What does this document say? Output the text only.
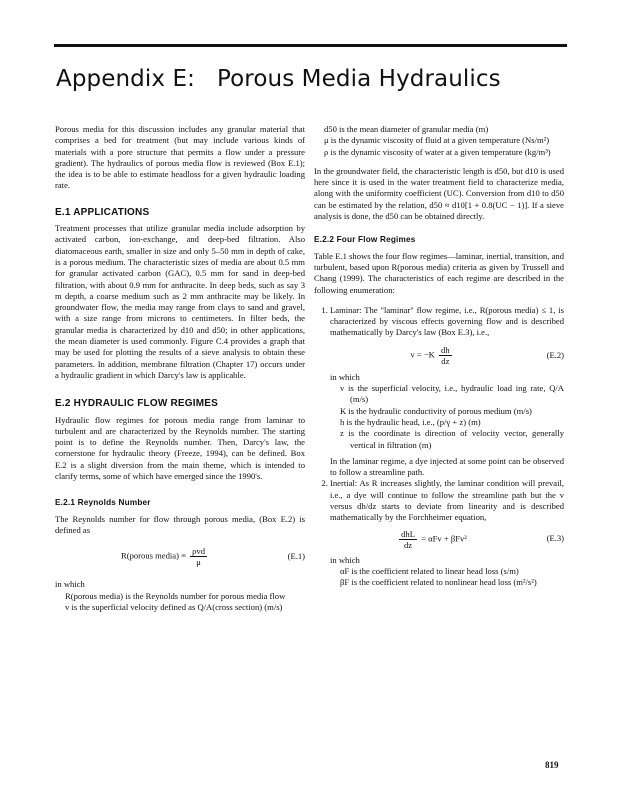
Appendix E: Porous Media Hydraulics

Porous media for this discussion includes any granular material that comprises a bed for treatment (but may include various kinds of materials with a pore structure that permits a flow under a pressure gradient). The hydraulics of porous media flow is reviewed (Box E.1); the idea is to be able to estimate headloss for a given hydraulic loading rate.

E.1 APPLICATIONS

Treatment processes that utilize granular media include adsorption by activated carbon, ion-exchange, and deep-bed filtration. Also diatomaceous earth, smaller in size and only 5–50 mm in depth of cake, is a porous medium. The characteristic sizes of media are about 0.5 mm for granular activated carbon (GAC), 0.5 mm for sand in deep-bed filtration, with about 0.9 mm for anthracite. In deep beds, such as say 3 m depth, a coarse medium such as 2 mm anthracite may be likely. In groundwater flow, the media may range from clays to sand and gravel, with a size range from microns to centimeters. In filter beds, the granular media is characterized by d10 and d50; in other applications, the mean diameter is used commonly. Figure C.4 provides a graph that may be used for plotting the results of a sieve analysis to obtain these parameters. In addition, membrane filtration (Chapter 17) occurs under a hydraulic gradient in which Darcy's law is applicable.

E.2 HYDRAULIC FLOW REGIMES

Hydraulic flow regimes for porous media range from laminar to turbulent and are characterized by the Reynolds number. The starting point is to define the Reynolds number. Then, Darcy's law, the cornerstone for hydraulic theory (Freeze, 1994), can be defined. Box E.2 is a slight diversion from the main theme, which is intended to clarify terms, some of which have emerged since the 1990's.

E.2.1 Reynolds Number

The Reynolds number for flow through porous media, (Box E.2) is defined as

R(porous media) ≡ $\frac{\text{ρvd}}{\mu}$	(E.1)

in which

R(porous media) is the Reynolds number for porous media flow

v is the superficial velocity defined as Q/A(cross section) (m/s)

d50 is the mean diameter of granular media (m)

μ is the dynamic viscosity of fluid at a given temperature (Ns/m²)

ρ is the dynamic viscosity of water at a given temperature (kg/m³)

In the groundwater field, the characteristic length is d50, but d10 is used here since it is used in the water treatment field to characterize media, along with the uniformity coefficient (UC). Conversion from d10 to d50 can be estimated by the relation, d50 ≈ d10[1 + 0.8(UC − 1)]. If a sieve analysis is done, the d50 can be obtained directly.

E.2.2 Four Flow Regimes

Table E.1 shows the four flow regimes—laminar, inertial, transition, and turbulent, based upon R(porous media) criteria as given by Trussell and Chang (1999). The characteristics of each regime are described in the following enumeration:

1. Laminar: The "laminar" flow regime, i.e., R(porous media) ≤ 1, is characterized by viscous effects governing flow and is described mathematically by Darcy's law (Box E.3), i.e.,
$v = -K \frac{dh}{dz}$	(E.2)

in which

v is the superficial velocity, i.e., hydraulic load ing rate, Q/A (m/s)

K is the hydraulic conductivity of porous medium (m/s)

h is the hydraulic head, i.e., (p/γ + z) (m)

z is the coordinate is direction of velocity vector, generally vertical in filtration (m)

In the laminar regime, a dye injected at some point can be observed to follow a streamline path.

2. Inertial: As R increases slightly, the laminar condition will prevail, i.e., a dye will continue to follow the streamline path but the v versus dh/dz starts to deviate from linearity and is described mathematically by the Forchheimer equation,
$\frac{\text{dhL}}{dz} = \alpha Fv + \beta Fv^2$	(E.3)

in which

αF is the coefficient related to linear head loss (s/m)

βF is the coefficient related to nonlinear head loss (m²/s²)

819
